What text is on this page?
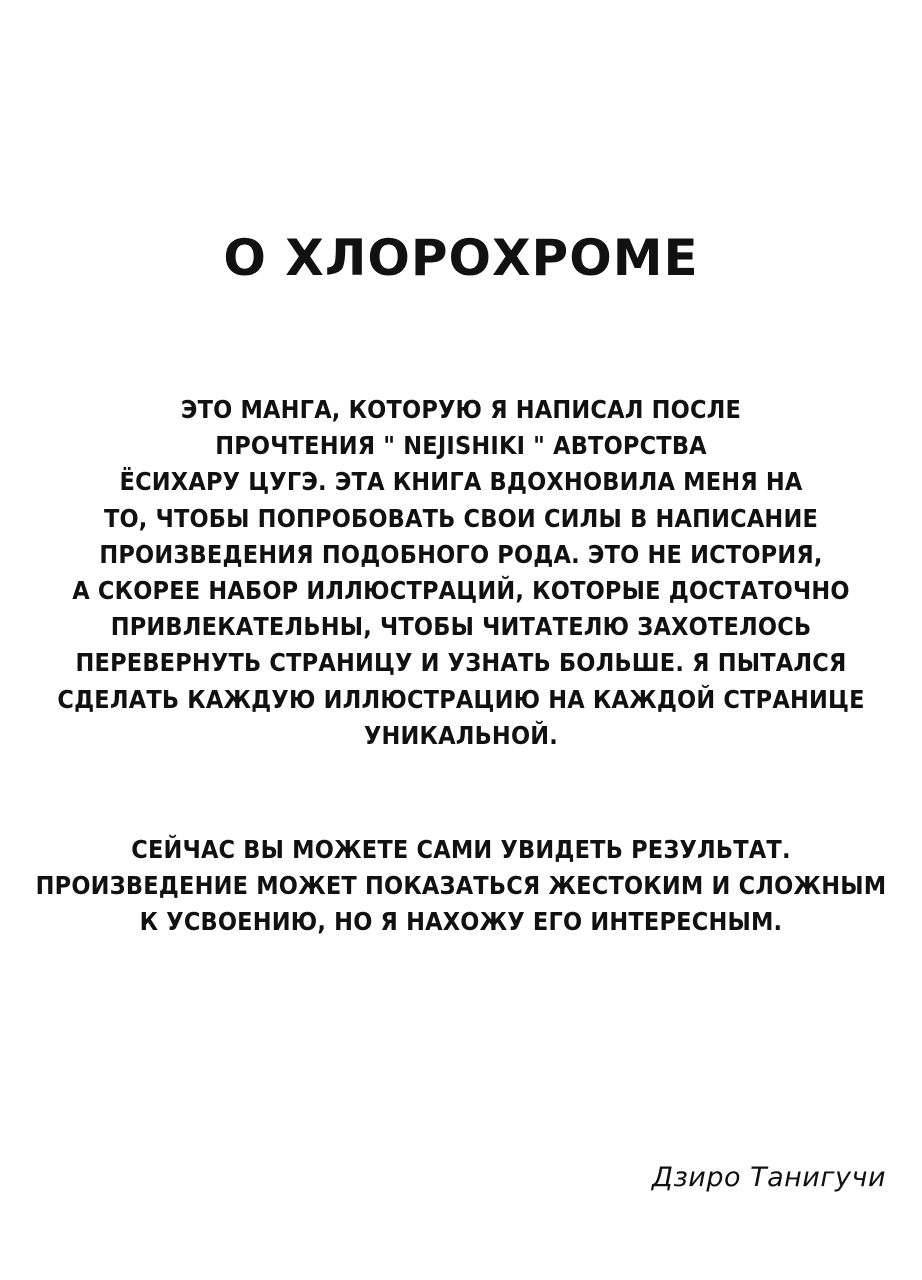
О ХЛОРОХРОМЕ
ЭТО МАНГА, КОТОРУЮ Я НАПИСАЛ ПОСЛЕ
ПРОЧТЕНИЯ " NEJISHIKI " АВТОРСТВА
ЁСИХАРУ ЦУГЭ. ЭТА КНИГА ВДОХНОВИЛА МЕНЯ НА
ТО, ЧТОБЫ ПОПРОБОВАТЬ СВОИ СИЛЫ В НАПИСАНИЕ
ПРОИЗВЕДЕНИЯ ПОДОБНОГО РОДА. ЭТО НЕ ИСТОРИЯ,
А СКОРЕЕ НАБОР ИЛЛЮСТРАЦИЙ, КОТОРЫЕ ДОСТАТОЧНО
ПРИВЛЕКАТЕЛЬНЫ, ЧТОБЫ ЧИТАТЕЛЮ ЗАХОТЕЛОСЬ
ПЕРЕВЕРНУТЬ СТРАНИЦУ И УЗНАТЬ БОЛЬШЕ. Я ПЫТАЛСЯ
СДЕЛАТЬ КАЖДУЮ ИЛЛЮСТРАЦИЮ НА КАЖДОЙ СТРАНИЦЕ
УНИКАЛЬНОЙ.
СЕЙЧАС ВЫ МОЖЕТЕ САМИ УВИДЕТЬ РЕЗУЛЬТАТ.
ПРОИЗВЕДЕНИЕ МОЖЕТ ПОКАЗАТЬСЯ ЖЕСТОКИМ И СЛОЖНЫМ
К УСВОЕНИЮ, НО Я НАХОЖУ ЕГО ИНТЕРЕСНЫМ.

Дзиро Танигучи
